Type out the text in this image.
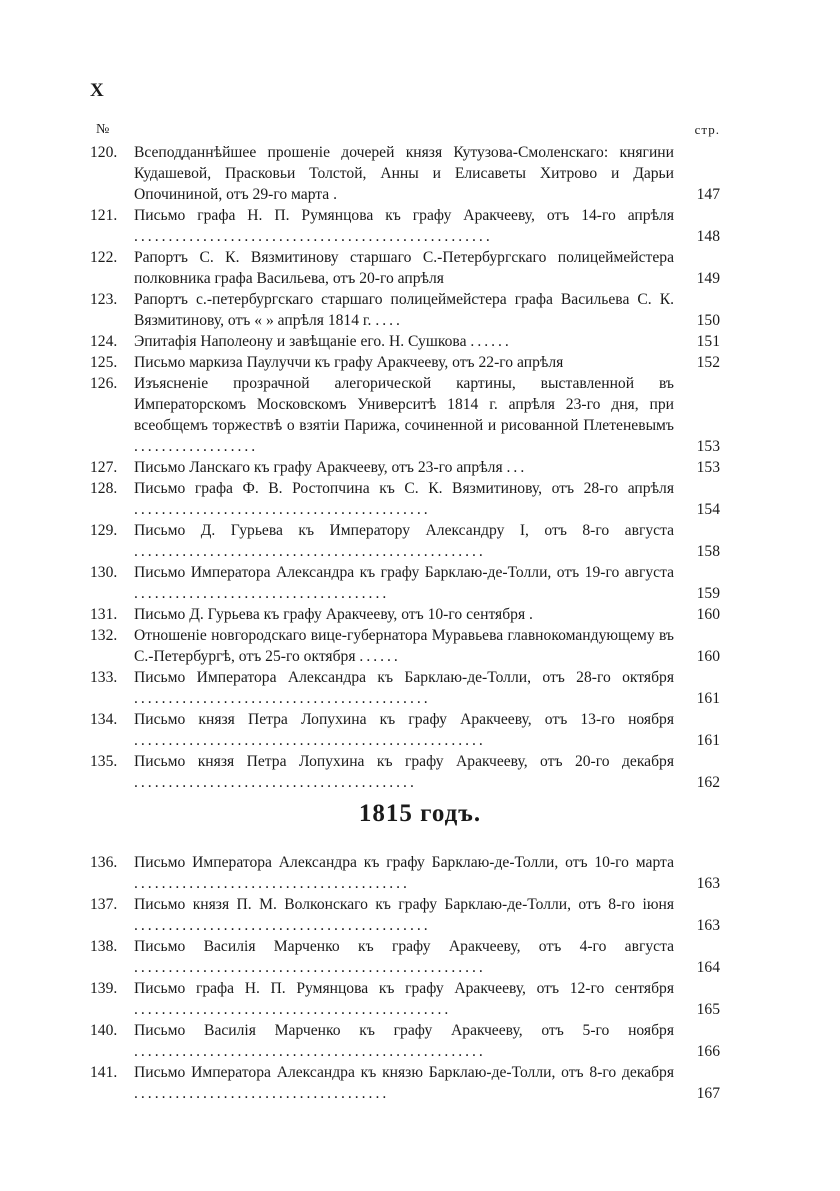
X
№	стр.
120.	Всеподданнѣйшее прошеніе дочерей князя Кутузова-Смоленскаго: княгини Кудашевой, Прасковьи Толстой, Анны и Елисаветы Хитрово и Дарьи Опочининой, отъ 29-го марта .	147
121.	Письмо графа Н. П. Румянцова къ графу Аракчееву, отъ 14-го апрѣля ....................................................	148
122.	Рапортъ С. К. Вязмитинову старшаго С.-Петербургскаго полицеймейстера полковника графа Васильева, отъ 20-го апрѣля	149
123.	Рапортъ с.-петербургскаго старшаго полицеймейстера графа Васильева С. К. Вязмитинову, отъ « » апрѣля 1814 г. ....	150
124.	Эпитафія Наполеону и завѣщаніе его. Н. Сушкова ......	151
125.	Письмо маркиза Паулуччи къ графу Аракчееву, отъ 22-го апрѣля	152
126.	Изъясненіе прозрачной алегорической картины, выставленной въ Императорскомъ Московскомъ Университѣ 1814 г. апрѣля 23-го дня, при всеобщемъ торжествѣ о взятіи Парижа, сочиненной и рисованной Плетеневымъ ..................	153
127.	Письмо Ланскаго къ графу Аракчееву, отъ 23-го апрѣля ...	153
128.	Письмо графа Ф. В. Ростопчина къ С. К. Вязмитинову, отъ 28-го апрѣля ...........................................	154
129.	Письмо Д. Гурьева къ Императору Александру I, отъ 8-го августа ...................................................	158
130.	Письмо Императора Александра къ графу Барклаю-де-Толли, отъ 19-го августа .....................................	159
131.	Письмо Д. Гурьева къ графу Аракчееву, отъ 10-го сентября .	160
132.	Отношеніе новгородскаго вице-губернатора Муравьева главнокомандующему въ С.-Петербургѣ, отъ 25-го октября ......	160
133.	Письмо Императора Александра къ Барклаю-де-Толли, отъ 28-го октября ...........................................	161
134.	Письмо князя Петра Лопухина къ графу Аракчееву, отъ 13-го ноября ...................................................	161
135.	Письмо князя Петра Лопухина къ графу Аракчееву, отъ 20-го декабря .........................................	162
1815 годъ.
136.	Письмо Императора Александра къ графу Барклаю-де-Толли, отъ 10-го марта ........................................	163
137.	Письмо князя П. М. Волконскаго къ графу Барклаю-де-Толли, отъ 8-го іюня ...........................................	163
138.	Письмо Василія Марченко къ графу Аракчееву, отъ 4-го августа ...................................................	164
139.	Письмо графа Н. П. Румянцова къ графу Аракчееву, отъ 12-го сентября ..............................................	165
140.	Письмо Василія Марченко къ графу Аракчееву, отъ 5-го ноября ...................................................	166
141.	Письмо Императора Александра къ князю Барклаю-де-Толли, отъ 8-го декабря .....................................	167
